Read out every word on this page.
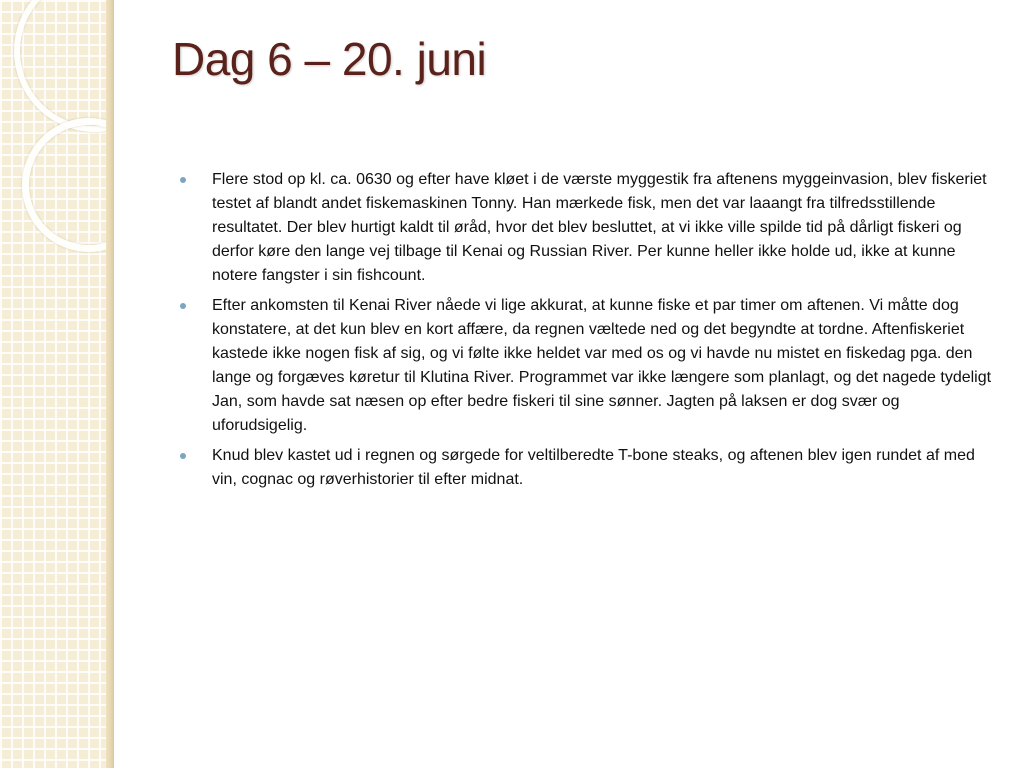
Dag 6 – 20. juni
Flere stod op kl. ca. 0630 og efter have kløet i de værste myggestik fra aftenens myggeinvasion, blev fiskeriet testet af blandt andet fiskemaskinen Tonny. Han mærkede fisk, men det var laaangt fra tilfredsstillende resultatet. Der blev hurtigt kaldt til øråd, hvor det blev besluttet, at vi ikke ville spilde tid på dårligt fiskeri og derfor køre den lange vej tilbage til Kenai og Russian River. Per kunne heller ikke holde ud, ikke at kunne notere fangster i sin fishcount.
Efter ankomsten til Kenai River nåede vi lige akkurat, at kunne fiske et par timer om aftenen. Vi måtte dog konstatere, at det kun blev en kort affære, da regnen væltede ned og det begyndte at tordne. Aftenfiskeriet kastede ikke nogen fisk af sig, og vi følte ikke heldet var med os og vi havde nu mistet en fiskedag pga. den lange og forgæves køretur til Klutina River. Programmet var ikke længere som planlagt, og det nagede tydeligt Jan, som havde sat næsen op efter bedre fiskeri til sine sønner. Jagten på laksen er dog svær og uforudsigelig.
Knud blev kastet ud i regnen og sørgede for veltilberedte T-bone steaks, og aftenen blev igen rundet af med vin, cognac og røverhistorier til efter midnat.
